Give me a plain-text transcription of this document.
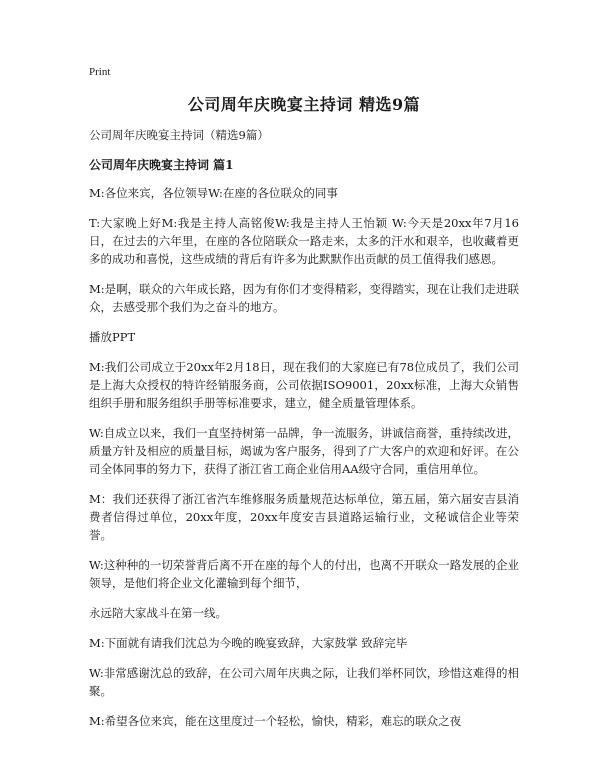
Print
公司周年庆晚宴主持词 精选9篇
公司周年庆晚宴主持词（精选9篇）
公司周年庆晚宴主持词 篇1
M:各位来宾，各位领导W:在座的各位联众的同事
T:大家晚上好M:我是主持人高铭俊W:我是主持人王怡颖 W:今天是20xx年7月16日，在过去的六年里，在座的各位陪联众一路走来，太多的汗水和艰辛，也收藏着更多的成功和喜悦，这些成绩的背后有许多为此默默作出贡献的员工值得我们感恩。
M:是啊，联众的六年成长路，因为有你们才变得精彩，变得踏实，现在让我们走进联众，去感受那个我们为之奋斗的地方。
播放PPT
M:我们公司成立于20xx年2月18日，现在我们的大家庭已有78位成员了，我们公司是上海大众授权的特许经销服务商，公司依据ISO9001，20xx标准，上海大众销售组织手册和服务组织手册等标准要求，建立，健全质量管理体系。
W:自成立以来，我们一直坚持树第一品牌，争一流服务，讲诚信商誉，重持续改进，质量方针及相应的质量目标，竭诚为客户服务，得到了广大客户的欢迎和好评。在公司全体同事的努力下，获得了浙江省工商企业信用AA级守合同，重信用单位。
M：我们还获得了浙江省汽车维修服务质量规范达标单位，第五届，第六届安吉县消费者信得过单位，20xx年度，20xx年度安吉县道路运输行业，文秘诚信企业等荣誉。
W:这种种的一切荣誉背后离不开在座的每个人的付出，也离不开联众一路发展的企业领导，是他们将企业文化灌输到每个细节，
永远陪大家战斗在第一线。
M:下面就有请我们沈总为今晚的晚宴致辞，大家鼓掌 致辞完毕
W:非常感谢沈总的致辞，在公司六周年庆典之际，让我们举杯同饮，珍惜这难得的相聚。
M:希望各位来宾，能在这里度过一个轻松，愉快，精彩，难忘的联众之夜
